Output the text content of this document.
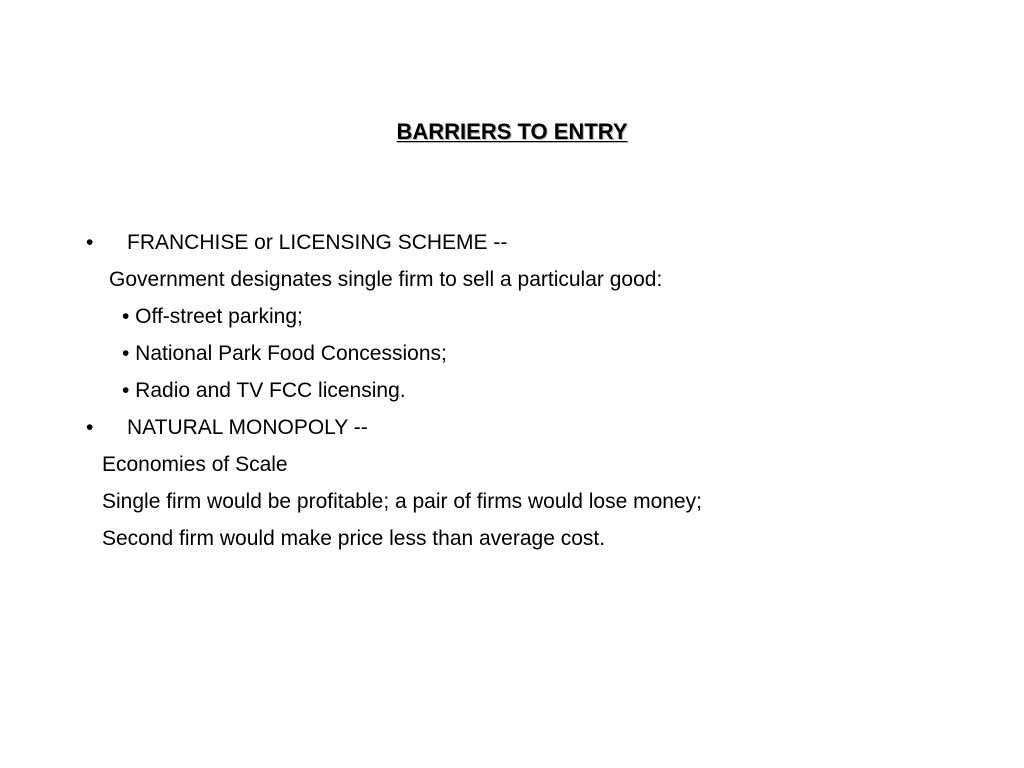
BARRIERS TO ENTRY
• FRANCHISE or LICENSING SCHEME --
Government designates single firm to sell a particular good:
• Off-street parking;
• National Park Food Concessions;
• Radio and TV FCC licensing.
• NATURAL MONOPOLY --
Economies of Scale
Single firm would be profitable; a pair of firms would lose money;
Second firm would make price less than average cost.
